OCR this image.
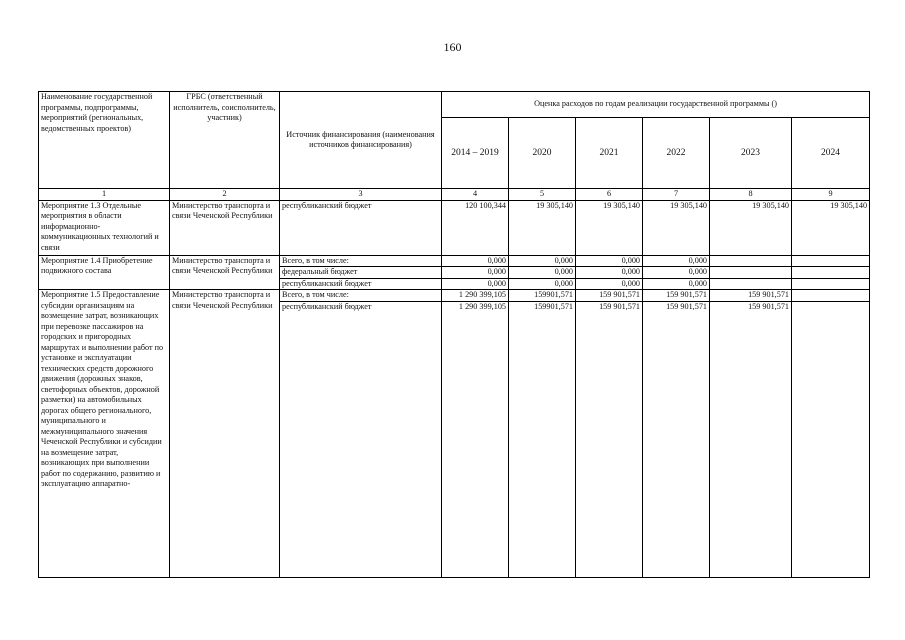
160
Наименование государственной программы, подпрограммы, мероприятий (региональных, ведомственных проектов)	ГРБС (ответственный исполнитель, соисполнитель, участник)	Источник финансирования (наименования источников финансирования)	Оценка расходов по годам реализации государственной программы ()					
			2014 – 2019	2020	2021	2022	2023	2024
1	2	3	4	5	6	7	8	9
Мероприятие 1.3 Отдельные мероприятия в области информационно-коммуникационных технологий и связи	Министерство транспорта и связи Чеченской Республики	республиканский бюджет	120 100,344	19 305,140	19 305,140	19 305,140	19 305,140	19 305,140
Мероприятие 1.4 Приобретение подвижного состава	Министерство транспорта и связи Чеченской Республики	Всего, в том числе:	0,000	0,000	0,000	0,000		
		федеральный бюджет	0,000	0,000	0,000	0,000		
		республиканский бюджет	0,000	0,000	0,000	0,000		
Мероприятие 1.5 Предоставление субсидии организациям на возмещение затрат, возникающих при перевозке пассажиров на городских и пригородных маршрутах и выполнении работ по установке и эксплуатации технических средств дорожного движения (дорожных знаков, светофорных объектов, дорожной разметки) на автомобильных дорогах общего регионального, муниципального и межмуниципального значения Чеченской Республики и субсидии на возмещение затрат, возникающих при выполнении работ по содержанию, развитию и эксплуатацию аппаратно-	Министерство транспорта и связи Чеченской Республики	Всего, в том числе:	1 290 399,105	159901,571	159 901,571	159 901,571	159 901,571	
		республиканский бюджет	1 290 399,105	159901,571	159 901,571	159 901,571	159 901,571	
